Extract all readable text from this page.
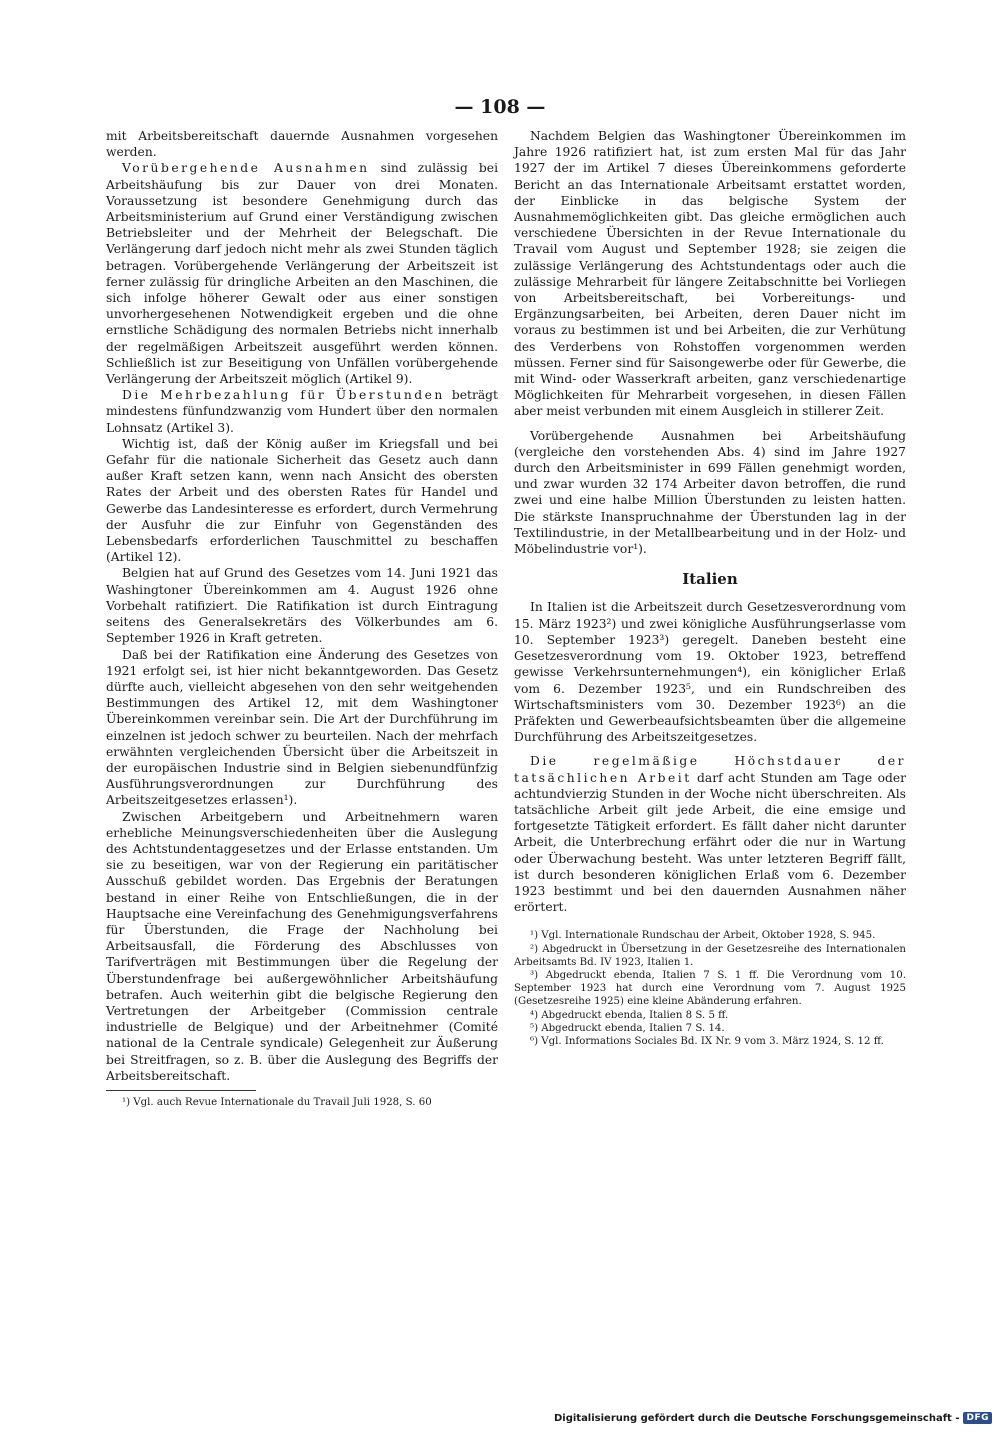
— 108 —

mit Arbeitsbereitschaft dauernde Ausnahmen vorgesehen werden.

Vorübergehende Ausnahmen sind zulässig bei Arbeitshäufung bis zur Dauer von drei Monaten. Voraussetzung ist besondere Genehmigung durch das Arbeitsministerium auf Grund einer Verständigung zwischen Betriebsleiter und der Mehrheit der Belegschaft. Die Verlängerung darf jedoch nicht mehr als zwei Stunden täglich betragen. Vorübergehende Verlängerung der Arbeitszeit ist ferner zulässig für dringliche Arbeiten an den Maschinen, die sich infolge höherer Gewalt oder aus einer sonstigen unvorhergesehenen Notwendigkeit ergeben und die ohne ernstliche Schädigung des normalen Betriebs nicht innerhalb der regelmäßigen Arbeitszeit ausgeführt werden können. Schließlich ist zur Beseitigung von Unfällen vorübergehende Verlängerung der Arbeitszeit möglich (Artikel 9).

Die Mehrbezahlung für Überstunden beträgt mindestens fünfundzwanzig vom Hundert über den normalen Lohnsatz (Artikel 3).

Wichtig ist, daß der König außer im Kriegsfall und bei Gefahr für die nationale Sicherheit das Gesetz auch dann außer Kraft setzen kann, wenn nach Ansicht des obersten Rates der Arbeit und des obersten Rates für Handel und Gewerbe das Landesinteresse es erfordert, durch Vermehrung der Ausfuhr die zur Einfuhr von Gegenständen des Lebensbedarfs erforderlichen Tauschmittel zu beschaffen (Artikel 12).

Belgien hat auf Grund des Gesetzes vom 14. Juni 1921 das Washingtoner Übereinkommen am 4. August 1926 ohne Vorbehalt ratifiziert. Die Ratifikation ist durch Eintragung seitens des Generalsekretärs des Völkerbundes am 6. September 1926 in Kraft getreten.

Daß bei der Ratifikation eine Änderung des Gesetzes von 1921 erfolgt sei, ist hier nicht bekanntgeworden. Das Gesetz dürfte auch, vielleicht abgesehen von den sehr weitgehenden Bestimmungen des Artikel 12, mit dem Washingtoner Übereinkommen vereinbar sein. Die Art der Durchführung im einzelnen ist jedoch schwer zu beurteilen. Nach der mehrfach erwähnten vergleichenden Übersicht über die Arbeitszeit in der europäischen Industrie sind in Belgien siebenundfünfzig Ausführungsverordnungen zur Durchführung des Arbeitszeitgesetzes erlassen¹).

Zwischen Arbeitgebern und Arbeitnehmern waren erhebliche Meinungsverschiedenheiten über die Auslegung des Achtstundentaggesetzes und der Erlasse entstanden. Um sie zu beseitigen, war von der Regierung ein paritätischer Ausschuß gebildet worden. Das Ergebnis der Beratungen bestand in einer Reihe von Entschließungen, die in der Hauptsache eine Vereinfachung des Genehmigungsverfahrens für Überstunden, die Frage der Nachholung bei Arbeitsausfall, die Förderung des Abschlusses von Tarifverträgen mit Bestimmungen über die Regelung der Überstundenfrage bei außergewöhnlicher Arbeitshäufung betrafen. Auch weiterhin gibt die belgische Regierung den Vertretungen der Arbeitgeber (Commission centrale industrielle de Belgique) und der Arbeitnehmer (Comité national de la Centrale syndicale) Gelegenheit zur Äußerung bei Streitfragen, so z. B. über die Auslegung des Begriffs der Arbeitsbereitschaft.

¹) Vgl. auch Revue Internationale du Travail Juli 1928, S. 60

Nachdem Belgien das Washingtoner Übereinkommen im Jahre 1926 ratifiziert hat, ist zum ersten Mal für das Jahr 1927 der im Artikel 7 dieses Übereinkommens geforderte Bericht an das Internationale Arbeitsamt erstattet worden, der Einblicke in das belgische System der Ausnahmemöglichkeiten gibt. Das gleiche ermöglichen auch verschiedene Übersichten in der Revue Internationale du Travail vom August und September 1928; sie zeigen die zulässige Verlängerung des Achtstundentags oder auch die zulässige Mehrarbeit für längere Zeitabschnitte bei Vorliegen von Arbeitsbereitschaft, bei Vorbereitungs- und Ergänzungsarbeiten, bei Arbeiten, deren Dauer nicht im voraus zu bestimmen ist und bei Arbeiten, die zur Verhütung des Verderbens von Rohstoffen vorgenommen werden müssen. Ferner sind für Saisongewerbe oder für Gewerbe, die mit Wind- oder Wasserkraft arbeiten, ganz verschiedenartige Möglichkeiten für Mehrarbeit vorgesehen, in diesen Fällen aber meist verbunden mit einem Ausgleich in stillerer Zeit.

Vorübergehende Ausnahmen bei Arbeitshäufung (vergleiche den vorstehenden Abs. 4) sind im Jahre 1927 durch den Arbeitsminister in 699 Fällen genehmigt worden, und zwar wurden 32 174 Arbeiter davon betroffen, die rund zwei und eine halbe Million Überstunden zu leisten hatten. Die stärkste Inanspruchnahme der Überstunden lag in der Textilindustrie, in der Metallbearbeitung und in der Holz- und Möbelindustrie vor¹).

Italien

In Italien ist die Arbeitszeit durch Gesetzesverordnung vom 15. März 1923²) und zwei königliche Ausführungserlasse vom 10. September 1923³) geregelt. Daneben besteht eine Gesetzesverordnung vom 19. Oktober 1923, betreffend gewisse Verkehrsunternehmungen⁴), ein königlicher Erlaß vom 6. Dezember 1923⁵, und ein Rundschreiben des Wirtschaftsministers vom 30. Dezember 1923⁶) an die Präfekten und Gewerbeaufsichtsbeamten über die allgemeine Durchführung des Arbeitszeitgesetzes.

Die regelmäßige Höchstdauer der tatsächlichen Arbeit darf acht Stunden am Tage oder achtundvierzig Stunden in der Woche nicht überschreiten. Als tatsächliche Arbeit gilt jede Arbeit, die eine emsige und fortgesetzte Tätigkeit erfordert. Es fällt daher nicht darunter Arbeit, die Unterbrechung erfährt oder die nur in Wartung oder Überwachung besteht. Was unter letzteren Begriff fällt, ist durch besonderen königlichen Erlaß vom 6. Dezember 1923 bestimmt und bei den dauernden Ausnahmen näher erörtert.

¹) Vgl. Internationale Rundschau der Arbeit, Oktober 1928, S. 945.

²) Abgedruckt in Übersetzung in der Gesetzesreihe des Internationalen Arbeitsamts Bd. IV 1923, Italien 1.

³) Abgedruckt ebenda, Italien 7 S. 1 ff. Die Verordnung vom 10. September 1923 hat durch eine Verordnung vom 7. August 1925 (Gesetzesreihe 1925) eine kleine Abänderung erfahren.

⁴) Abgedruckt ebenda, Italien 8 S. 5 ff.

⁵) Abgedruckt ebenda, Italien 7 S. 14.

⁶) Vgl. Informations Sociales Bd. IX Nr. 9 vom 3. März 1924, S. 12 ff.

Digitalisierung gefördert durch die Deutsche Forschungsgemeinschaft - DFG
